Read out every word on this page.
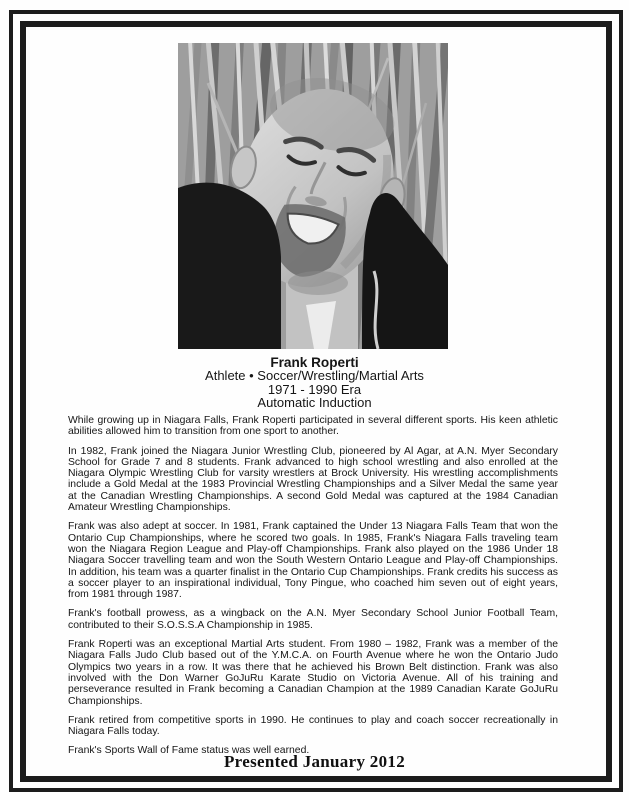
Frank Roperti
Athlete • Soccer/Wrestling/Martial Arts
1971 - 1990 Era
Automatic Induction

While growing up in Niagara Falls, Frank Roperti participated in several different sports. His keen athletic abilities allowed him to transition from one sport to another.

In 1982, Frank joined the Niagara Junior Wrestling Club, pioneered by Al Agar, at A.N. Myer Secondary School for Grade 7 and 8 students. Frank advanced to high school wrestling and also enrolled at the Niagara Olympic Wrestling Club for varsity wrestlers at Brock University. His wrestling accomplishments include a Gold Medal at the 1983 Provincial Wrestling Championships and a Silver Medal the same year at the Canadian Wrestling Championships. A second Gold Medal was captured at the 1984 Canadian Amateur Wrestling Championships.

Frank was also adept at soccer. In 1981, Frank captained the Under 13 Niagara Falls Team that won the Ontario Cup Championships, where he scored two goals. In 1985, Frank's Niagara Falls traveling team won the Niagara Region League and Play-off Championships. Frank also played on the 1986 Under 18 Niagara Soccer travelling team and won the South Western Ontario League and Play-off Championships. In addition, his team was a quarter finalist in the Ontario Cup Championships. Frank credits his success as a soccer player to an inspirational individual, Tony Pingue, who coached him seven out of eight years, from 1981 through 1987.

Frank's football prowess, as a wingback on the A.N. Myer Secondary School Junior Football Team, contributed to their S.O.S.S.A Championship in 1985.

Frank Roperti was an exceptional Martial Arts student. From 1980 – 1982, Frank was a member of the Niagara Falls Judo Club based out of the Y.M.C.A. on Fourth Avenue where he won the Ontario Judo Olympics two years in a row. It was there that he achieved his Brown Belt distinction. Frank was also involved with the Don Warner GoJuRu Karate Studio on Victoria Avenue. All of his training and perseverance resulted in Frank becoming a Canadian Champion at the 1989 Canadian Karate GoJuRu Championships.

Frank retired from competitive sports in 1990. He continues to play and coach soccer recreationally in Niagara Falls today.

Frank's Sports Wall of Fame status was well earned.

Presented January 2012
